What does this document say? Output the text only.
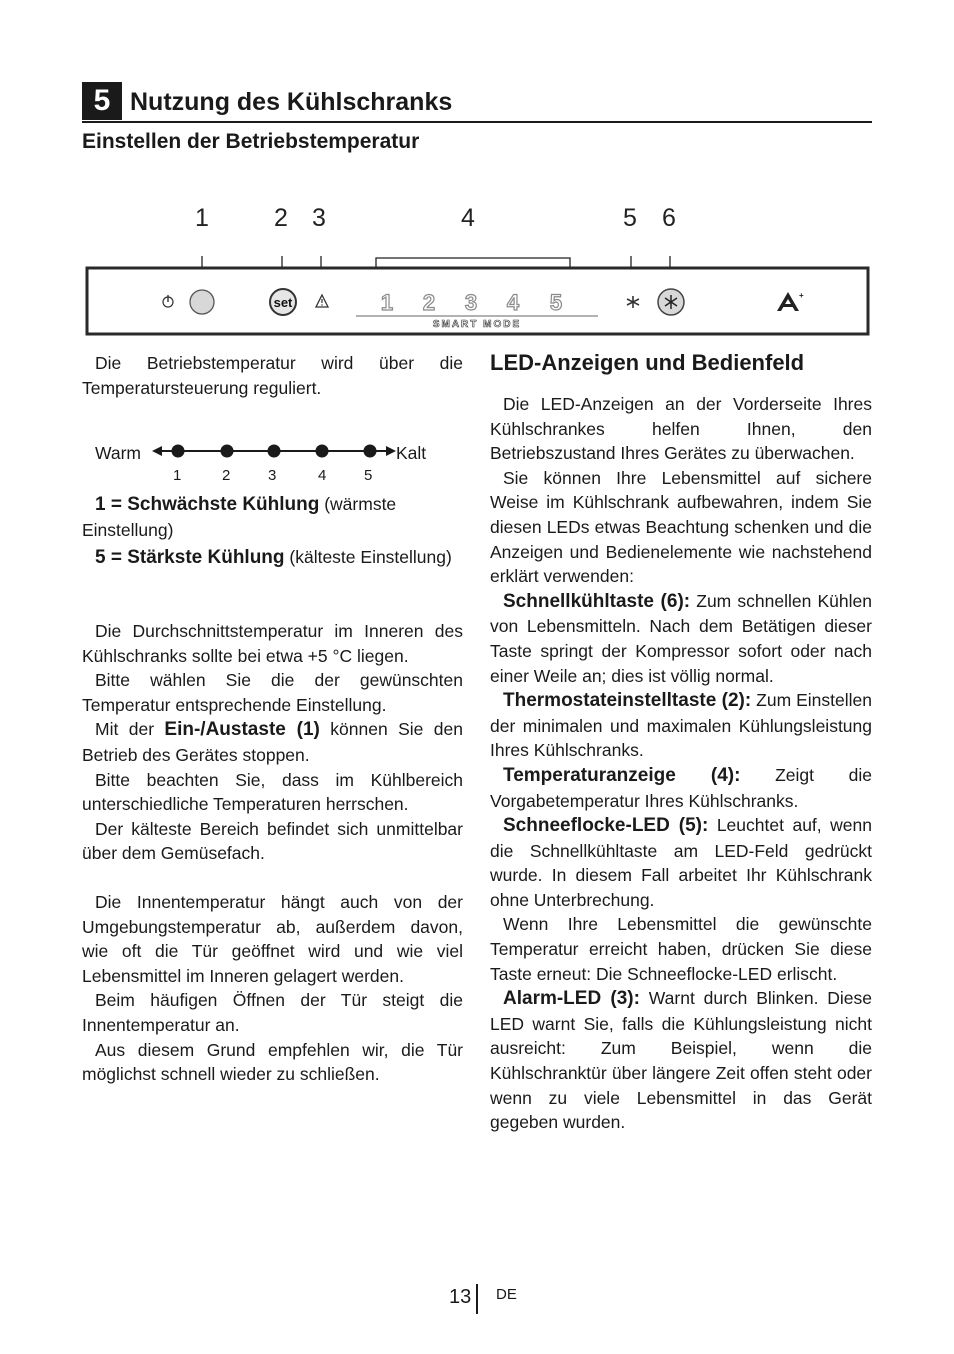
5 Nutzung des Kühlschranks
Einstellen der Betriebstemperatur
1	2 3	4	5 6
set	1 2 3 4 5
SMART MODE
+

Die Betriebstemperatur wird über die Temperatursteuerung reguliert.

Warm	Kalt
1	2	3	4	5

1 = Schwächste Kühlung (wärmste Einstellung)

5 = Stärkste Kühlung (kälteste Einstellung)

Die Durchschnittstemperatur im Inneren des Kühlschranks sollte bei etwa +5 °C liegen.

Bitte wählen Sie die der gewünschten Temperatur entsprechende Einstellung.

Mit der Ein-/Austaste (1) können Sie den Betrieb des Gerätes stoppen.

Bitte beachten Sie, dass im Kühlbereich unterschiedliche Temperaturen herrschen.

Der kälteste Bereich befindet sich unmittelbar über dem Gemüsefach.

Die Innentemperatur hängt auch von der Umgebungstemperatur ab, außerdem davon, wie oft die Tür geöffnet wird und wie viel Lebensmittel im Inneren gelagert werden.

Beim häufigen Öffnen der Tür steigt die Innentemperatur an.

Aus diesem Grund empfehlen wir, die Tür möglichst schnell wieder zu schließen.

LED-Anzeigen und Bedienfeld

Die LED-Anzeigen an der Vorderseite Ihres Kühlschrankes helfen Ihnen, den Betriebszustand Ihres Gerätes zu überwachen.

Sie können Ihre Lebensmittel auf sichere Weise im Kühlschrank aufbewahren, indem Sie diesen LEDs etwas Beachtung schenken und die Anzeigen und Bedienelemente wie nachstehend erklärt verwenden:

Schnellkühltaste (6): Zum schnellen Kühlen von Lebensmitteln. Nach dem Betätigen dieser Taste springt der Kompressor sofort oder nach einer Weile an; dies ist völlig normal.

Thermostateinstelltaste (2): Zum Einstellen der minimalen und maximalen Kühlungsleistung Ihres Kühlschranks.

Temperaturanzeige (4): Zeigt die Vorgabetemperatur Ihres Kühlschranks.

Schneeflocke-LED (5): Leuchtet auf, wenn die Schnellkühltaste am LED-Feld gedrückt wurde. In diesem Fall arbeitet Ihr Kühlschrank ohne Unterbrechung.

Wenn Ihre Lebensmittel die gewünschte Temperatur erreicht haben, drücken Sie diese Taste erneut: Die Schneeflocke-LED erlischt.

Alarm-LED (3): Warnt durch Blinken. Diese LED warnt Sie, falls die Kühlungsleistung nicht ausreicht: Zum Beispiel, wenn die Kühlschranktür über längere Zeit offen steht oder wenn zu viele Lebensmittel in das Gerät gegeben wurden.

13 DE
